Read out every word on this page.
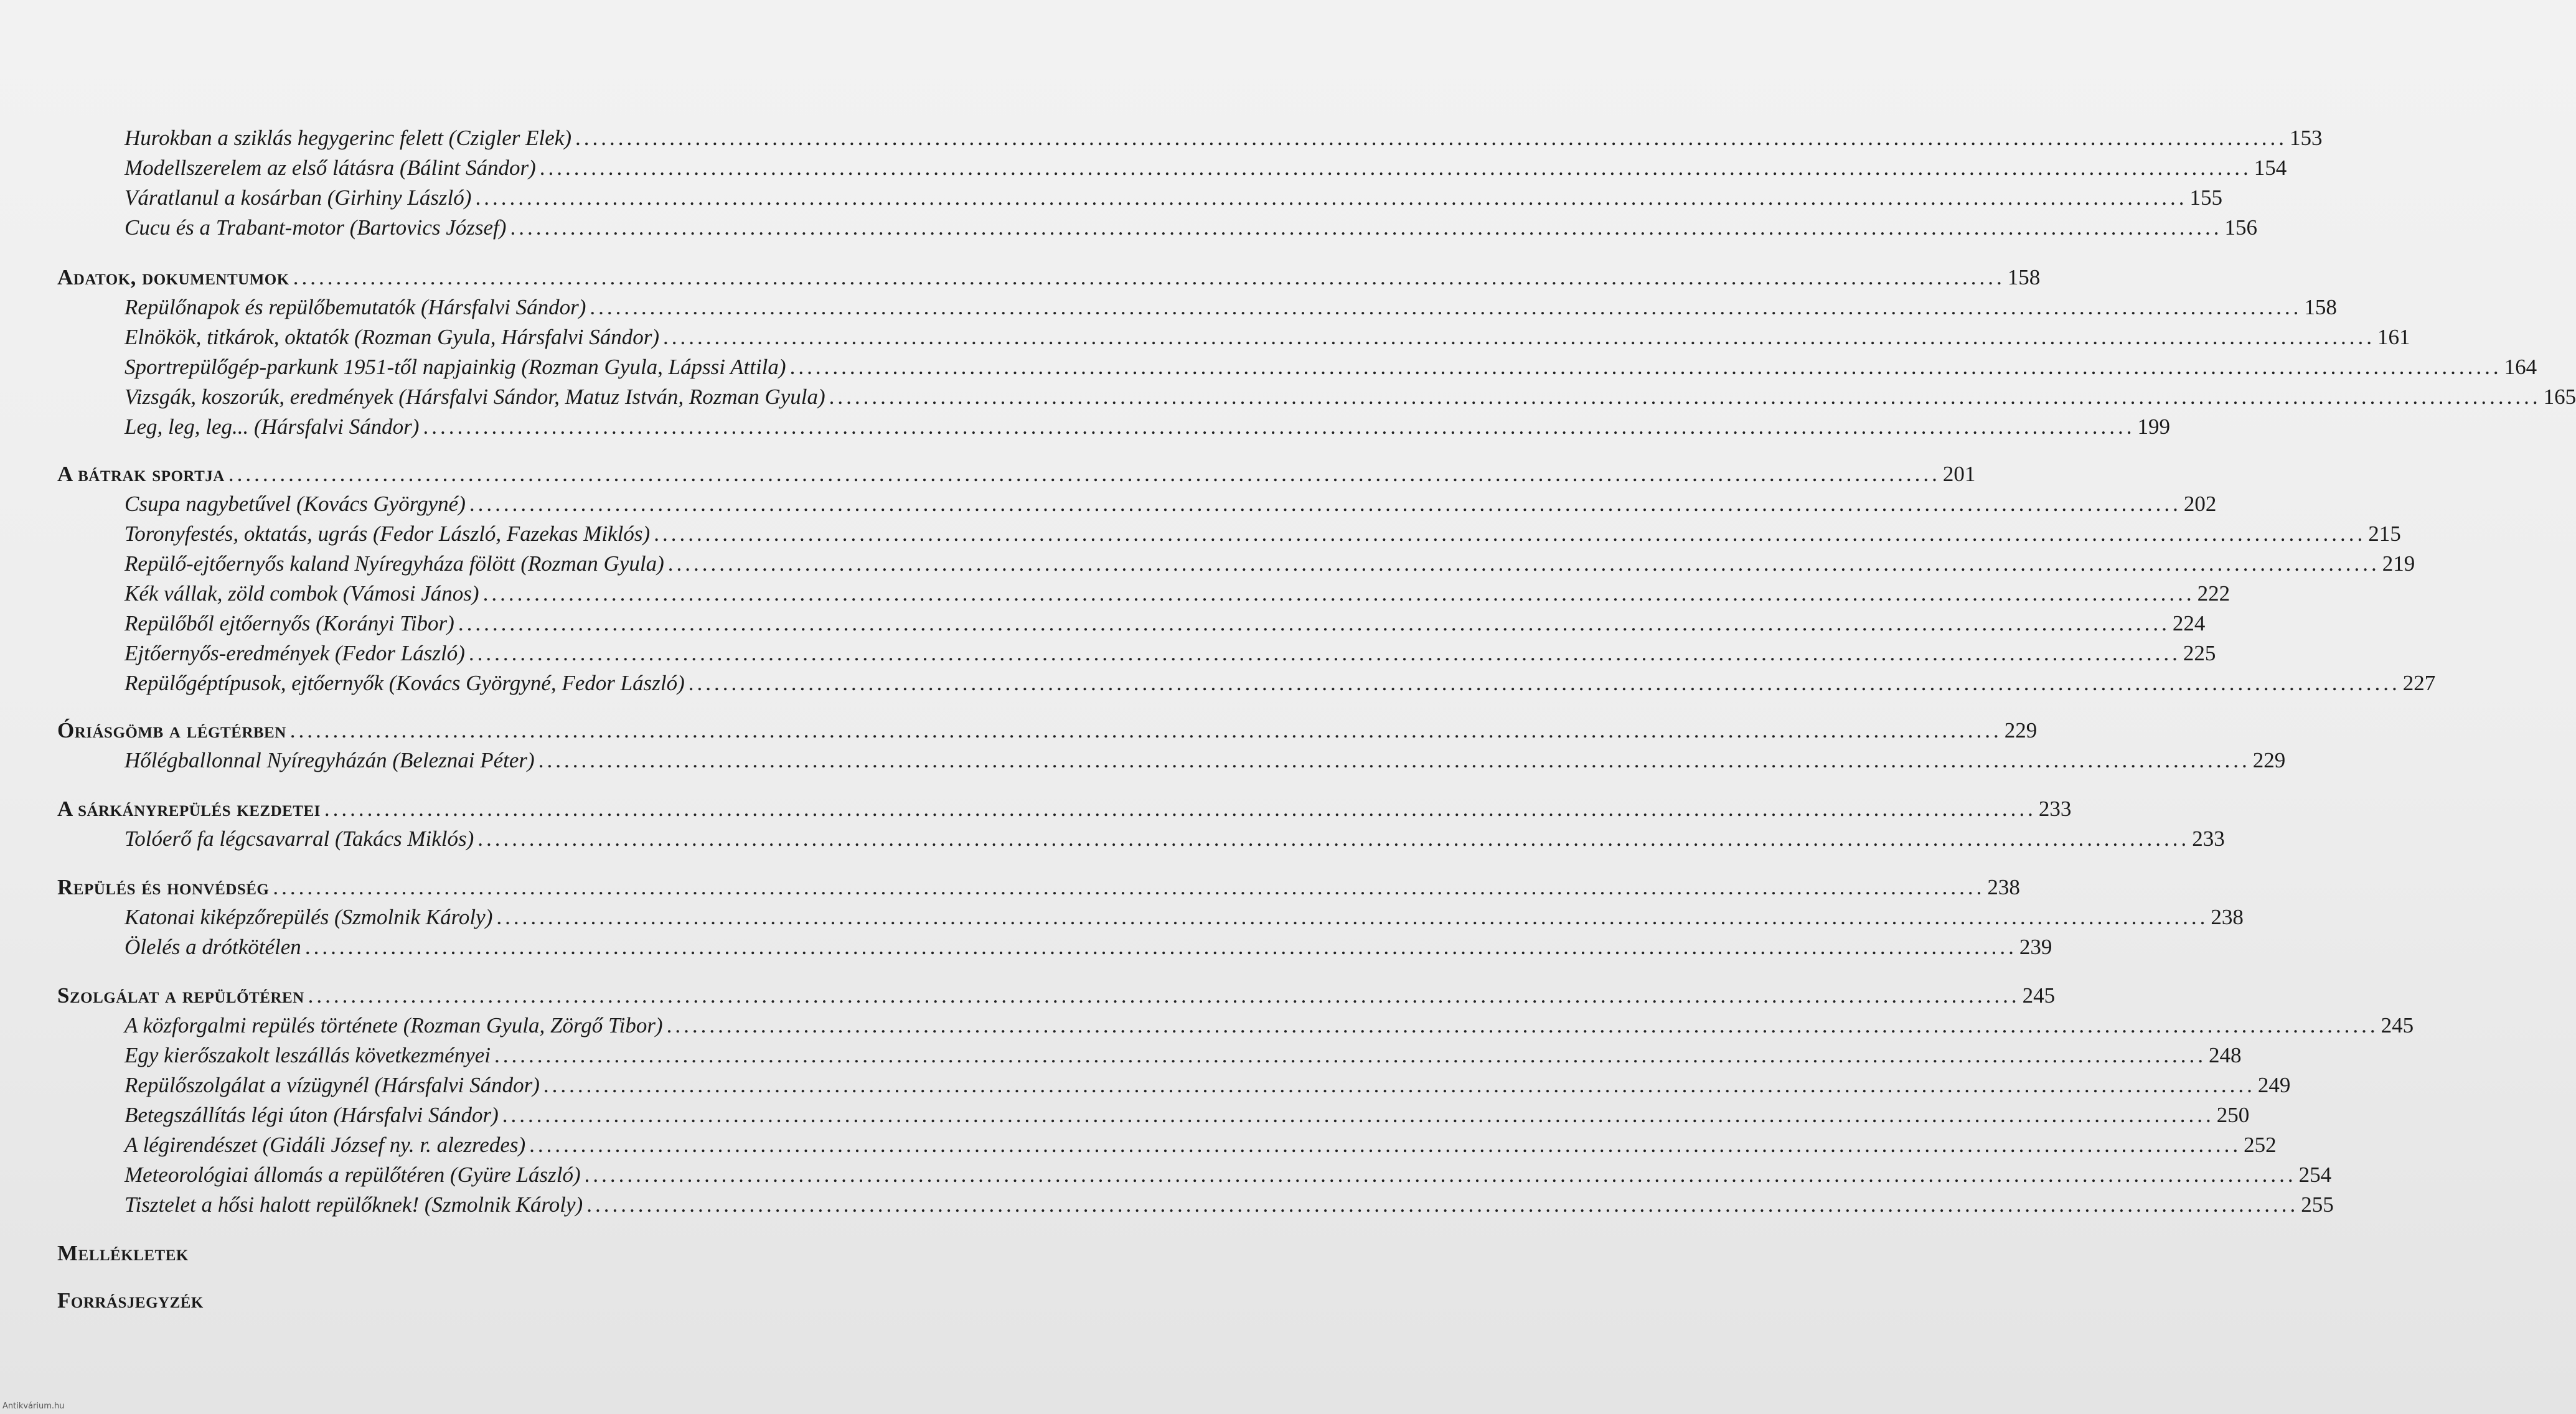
Hurokban a sziklás hegygerinc felett (Czigler Elek) ........................................................................................................................................................................................................ 153
Modellszerelem az első látásra (Bálint Sándor) ........................................................................................................................................................................................................ 154
Váratlanul a kosárban (Girhiny László) ........................................................................................................................................................................................................ 155
Cucu és a Trabant-motor (Bartovics József) ........................................................................................................................................................................................................ 156
Adatok, dokumentumok ........................................................................................................................................................................................................ 158
Repülőnapok és repülőbemutatók (Hársfalvi Sándor) ........................................................................................................................................................................................................ 158
Elnökök, titkárok, oktatók (Rozman Gyula, Hársfalvi Sándor) ........................................................................................................................................................................................................ 161
Sportrepülőgép-parkunk 1951-től napjainkig (Rozman Gyula, Lápssi Attila) ........................................................................................................................................................................................................ 164
Vizsgák, koszorúk, eredmények (Hársfalvi Sándor, Matuz István, Rozman Gyula) ........................................................................................................................................................................................................ 165
Leg, leg, leg... (Hársfalvi Sándor) ........................................................................................................................................................................................................ 199
A bátrak sportja ........................................................................................................................................................................................................ 201
Csupa nagybetűvel (Kovács Györgyné) ........................................................................................................................................................................................................ 202
Toronyfestés, oktatás, ugrás (Fedor László, Fazekas Miklós) ........................................................................................................................................................................................................ 215
Repülő-ejtőernyős kaland Nyíregyháza fölött (Rozman Gyula) ........................................................................................................................................................................................................ 219
Kék vállak, zöld combok (Vámosi János) ........................................................................................................................................................................................................ 222
Repülőből ejtőernyős (Korányi Tibor) ........................................................................................................................................................................................................ 224
Ejtőernyős-eredmények (Fedor László) ........................................................................................................................................................................................................ 225
Repülőgéptípusok, ejtőernyők (Kovács Györgyné, Fedor László) ........................................................................................................................................................................................................ 227
Óriásgömb a légtérben ........................................................................................................................................................................................................ 229
Hőlégballonnal Nyíregyházán (Beleznai Péter) ........................................................................................................................................................................................................ 229
A sárkányrepülés kezdetei ........................................................................................................................................................................................................ 233
Tolóerő fa légcsavarral (Takács Miklós) ........................................................................................................................................................................................................ 233
Repülés és honvédség ........................................................................................................................................................................................................ 238
Katonai kiképzőrepülés (Szmolnik Károly) ........................................................................................................................................................................................................ 238
Ölelés a drótkötélen ........................................................................................................................................................................................................ 239
Szolgálat a repülőtéren ........................................................................................................................................................................................................ 245
A közforgalmi repülés története (Rozman Gyula, Zörgő Tibor) ........................................................................................................................................................................................................ 245
Egy kierőszakolt leszállás következményei ........................................................................................................................................................................................................ 248
Repülőszolgálat a vízügynél (Hársfalvi Sándor) ........................................................................................................................................................................................................ 249
Betegszállítás légi úton (Hársfalvi Sándor) ........................................................................................................................................................................................................ 250
A légirendészet (Gidáli József ny. r. alezredes) ........................................................................................................................................................................................................ 252
Meteorológiai állomás a repülőtéren (Gyüre László) ........................................................................................................................................................................................................ 254
Tisztelet a hősi halott repülőknek! (Szmolnik Károly) ........................................................................................................................................................................................................ 255
Mellékletek
Forrásjegyzék
Antikvárium.hu
